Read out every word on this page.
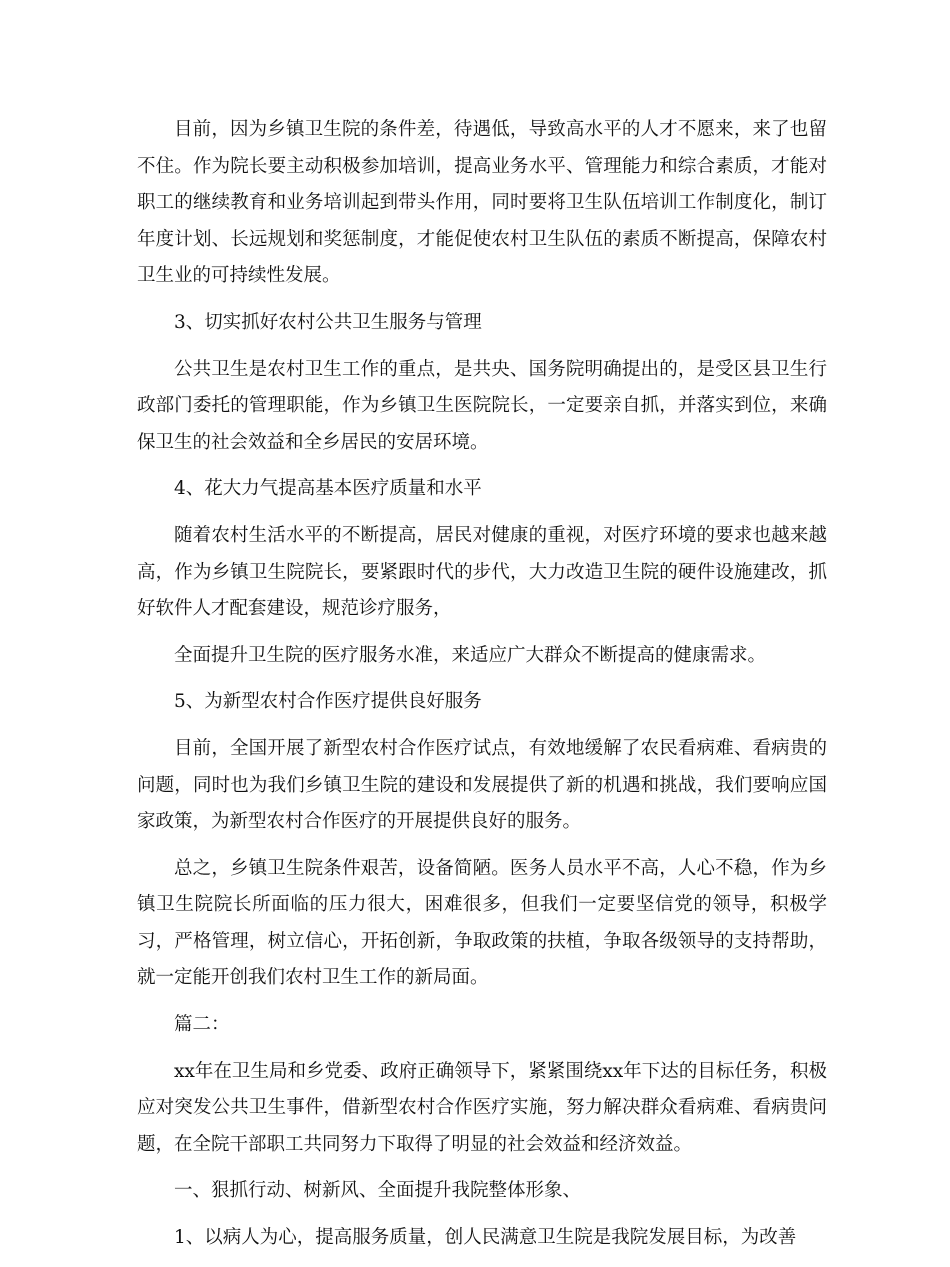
目前，因为乡镇卫生院的条件差，待遇低，导致高水平的人才不愿来，来了也留不住。作为院长要主动积极参加培训，提高业务水平、管理能力和综合素质，才能对职工的继续教育和业务培训起到带头作用，同时要将卫生队伍培训工作制度化，制订年度计划、长远规划和奖惩制度，才能促使农村卫生队伍的素质不断提高，保障农村卫生业的可持续性发展。

3、切实抓好农村公共卫生服务与管理

公共卫生是农村卫生工作的重点，是共央、国务院明确提出的，是受区县卫生行政部门委托的管理职能，作为乡镇卫生医院院长，一定要亲自抓，并落实到位，来确保卫生的社会效益和全乡居民的安居环境。

4、花大力气提高基本医疗质量和水平

随着农村生活水平的不断提高，居民对健康的重视，对医疗环境的要求也越来越高，作为乡镇卫生院院长，要紧跟时代的步代，大力改造卫生院的硬件设施建改，抓好软件人才配套建设，规范诊疗服务，

全面提升卫生院的医疗服务水准，来适应广大群众不断提高的健康需求。

5、为新型农村合作医疗提供良好服务

目前，全国开展了新型农村合作医疗试点，有效地缓解了农民看病难、看病贵的问题，同时也为我们乡镇卫生院的建设和发展提供了新的机遇和挑战，我们要响应国家政策，为新型农村合作医疗的开展提供良好的服务。

总之，乡镇卫生院条件艰苦，设备简陋。医务人员水平不高，人心不稳，作为乡镇卫生院院长所面临的压力很大，困难很多，但我们一定要坚信党的领导，积极学习，严格管理，树立信心，开拓创新，争取政策的扶植，争取各级领导的支持帮助，就一定能开创我们农村卫生工作的新局面。

篇二：

xx年在卫生局和乡党委、政府正确领导下，紧紧围绕xx年下达的目标任务，积极应对突发公共卫生事件，借新型农村合作医疗实施，努力解决群众看病难、看病贵问题，在全院干部职工共同努力下取得了明显的社会效益和经济效益。

一、狠抓行动、树新风、全面提升我院整体形象、

1、以病人为心，提高服务质量，创人民满意卫生院是我院发展目标，为改善
